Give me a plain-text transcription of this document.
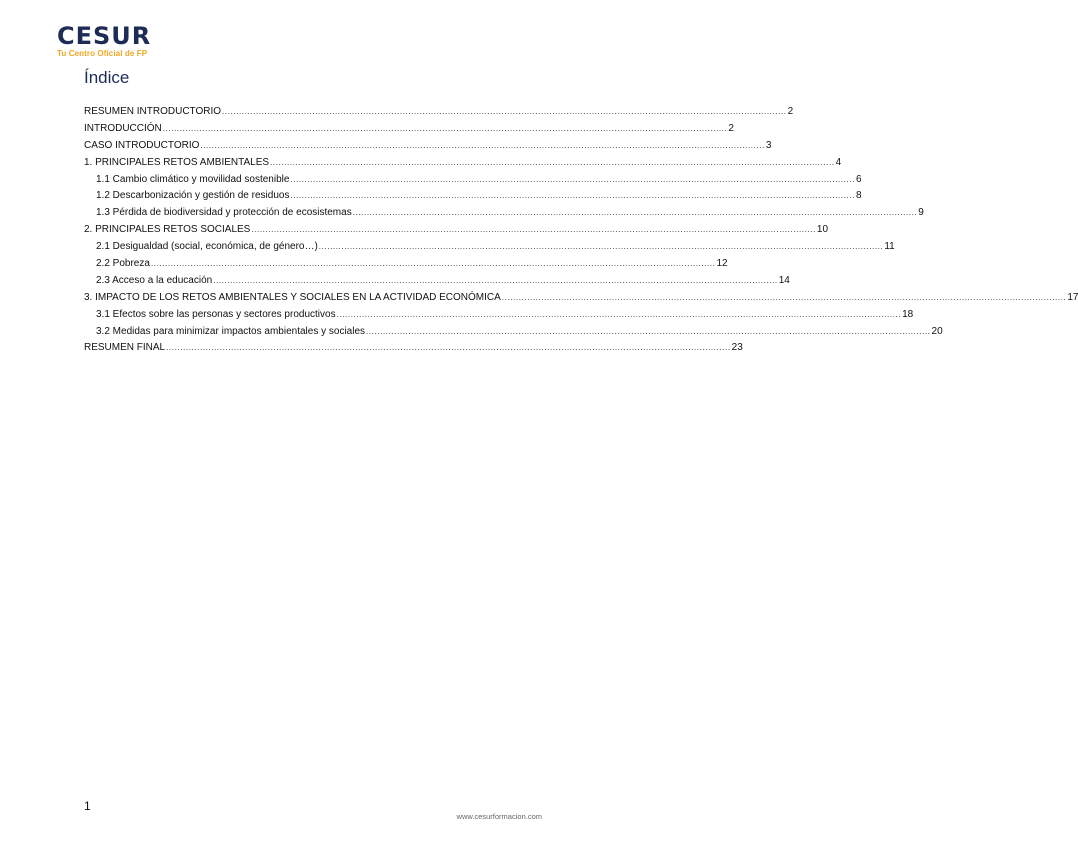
CESUR
Tu Centro Oficial de FP
Índice
RESUMEN INTRODUCTORIO ........................................................................................................................................................................................................ 2
INTRODUCCIÓN ........................................................................................................................................................................................................ 2
CASO INTRODUCTORIO ........................................................................................................................................................................................................ 3
1. PRINCIPALES RETOS AMBIENTALES ........................................................................................................................................................................................................ 4
1.1 Cambio climático y movilidad sostenible ........................................................................................................................................................................................................ 6
1.2 Descarbonización y gestión de residuos ........................................................................................................................................................................................................ 8
1.3 Pérdida de biodiversidad y protección de ecosistemas ........................................................................................................................................................................................................ 9
2. PRINCIPALES RETOS SOCIALES ........................................................................................................................................................................................................ 10
2.1 Desigualdad (social, económica, de género…) ........................................................................................................................................................................................................ 11
2.2 Pobreza ........................................................................................................................................................................................................ 12
2.3 Acceso a la educación ........................................................................................................................................................................................................ 14
3. IMPACTO DE LOS RETOS AMBIENTALES Y SOCIALES EN LA ACTIVIDAD ECONÓMICA ........................................................................................................................................................................................................ 17
3.1 Efectos sobre las personas y sectores productivos ........................................................................................................................................................................................................ 18
3.2 Medidas para minimizar impactos ambientales y sociales ........................................................................................................................................................................................................ 20
RESUMEN FINAL ........................................................................................................................................................................................................ 23
1
www.cesurformacion.com
